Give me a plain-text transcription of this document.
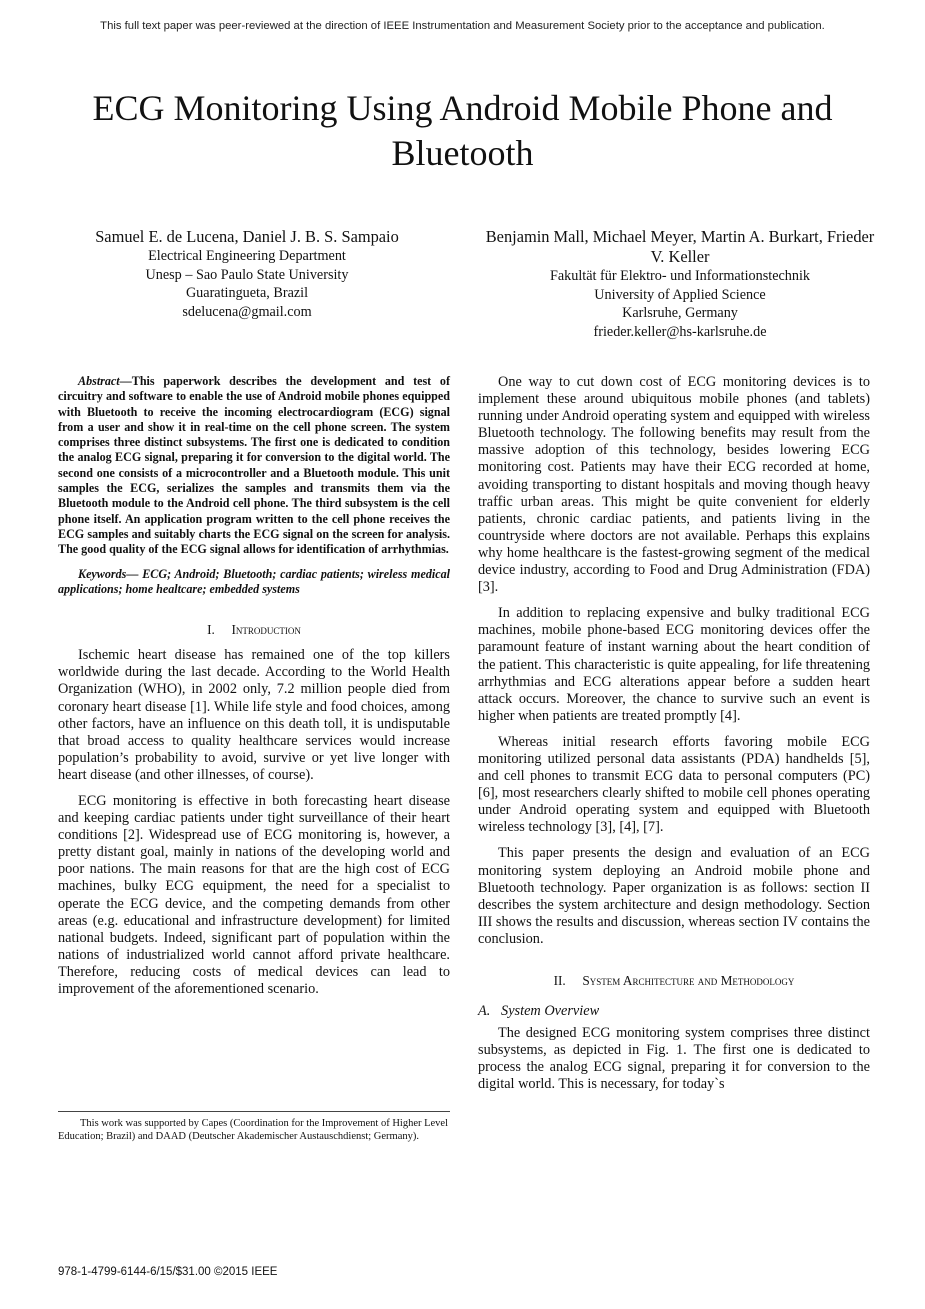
This full text paper was peer-reviewed at the direction of IEEE Instrumentation and Measurement Society prior to the acceptance and publication.
ECG Monitoring Using Android Mobile Phone and Bluetooth
Samuel E. de Lucena, Daniel J. B. S. Sampaio
Electrical Engineering Department
Unesp – Sao Paulo State University
Guaratingueta, Brazil
sdelucena@gmail.com
Benjamin Mall, Michael Meyer, Martin A. Burkart, Frieder V. Keller
Fakultät für Elektro- und Informationstechnik
University of Applied Science
Karlsruhe, Germany
frieder.keller@hs-karlsruhe.de

Abstract—This paperwork describes the development and test of circuitry and software to enable the use of Android mobile phones equipped with Bluetooth to receive the incoming electrocardiogram (ECG) signal from a user and show it in real-time on the cell phone screen. The system comprises three distinct subsystems. The first one is dedicated to condition the analog ECG signal, preparing it for conversion to the digital world. The second one consists of a microcontroller and a Bluetooth module. This unit samples the ECG, serializes the samples and transmits them via the Bluetooth module to the Android cell phone. The third subsystem is the cell phone itself. An application program written to the cell phone receives the ECG samples and suitably charts the ECG signal on the screen for analysis. The good quality of the ECG signal allows for identification of arrhythmias.

Keywords— ECG; Android; Bluetooth; cardiac patients; wireless medical applications; home healtcare; embedded systems

I. Introduction

Ischemic heart disease has remained one of the top killers worldwide during the last decade. According to the World Health Organization (WHO), in 2002 only, 7.2 million people died from coronary heart disease [1]. While life style and food choices, among other factors, have an influence on this death toll, it is undisputable that broad access to quality healthcare services would increase population’s probability to avoid, survive or yet live longer with heart disease (and other illnesses, of course).

ECG monitoring is effective in both forecasting heart disease and keeping cardiac patients under tight surveillance of their heart conditions [2]. Widespread use of ECG monitoring is, however, a pretty distant goal, mainly in nations of the developing world and poor nations. The main reasons for that are the high cost of ECG machines, bulky ECG equipment, the need for a specialist to operate the ECG device, and the competing demands from other areas (e.g. educational and infrastructure development) for limited national budgets. Indeed, significant part of population within the nations of industrialized world cannot afford private healthcare. Therefore, reducing costs of medical devices can lead to improvement of the aforementioned scenario.

This work was supported by Capes (Coordination for the Improvement of Higher Level Education; Brazil) and DAAD (Deutscher Akademischer Austauschdienst; Germany).

One way to cut down cost of ECG monitoring devices is to implement these around ubiquitous mobile phones (and tablets) running under Android operating system and equipped with wireless Bluetooth technology. The following benefits may result from the massive adoption of this technology, besides lowering ECG monitoring cost. Patients may have their ECG recorded at home, avoiding transporting to distant hospitals and moving though heavy traffic urban areas. This might be quite convenient for elderly patients, chronic cardiac patients, and patients living in the countryside where doctors are not available. Perhaps this explains why home healthcare is the fastest-growing segment of the medical device industry, according to Food and Drug Administration (FDA) [3].

In addition to replacing expensive and bulky traditional ECG machines, mobile phone-based ECG monitoring devices offer the paramount feature of instant warning about the heart condition of the patient. This characteristic is quite appealing, for life threatening arrhythmias and ECG alterations appear before a sudden heart attack occurs. Moreover, the chance to survive such an event is higher when patients are treated promptly [4].

Whereas initial research efforts favoring mobile ECG monitoring utilized personal data assistants (PDA) handhelds [5], and cell phones to transmit ECG data to personal computers (PC) [6], most researchers clearly shifted to mobile cell phones operating under Android operating system and equipped with Bluetooth wireless technology [3], [4], [7].

This paper presents the design and evaluation of an ECG monitoring system deploying an Android mobile phone and Bluetooth technology. Paper organization is as follows: section II describes the system architecture and design methodology. Section III shows the results and discussion, whereas section IV contains the conclusion.

II. System Architecture and Methodology
A. System Overview

The designed ECG monitoring system comprises three distinct subsystems, as depicted in Fig. 1. The first one is dedicated to process the analog ECG signal, preparing it for conversion to the digital world. This is necessary, for today`s

978-1-4799-6144-6/15/$31.00 ©2015 IEEE
